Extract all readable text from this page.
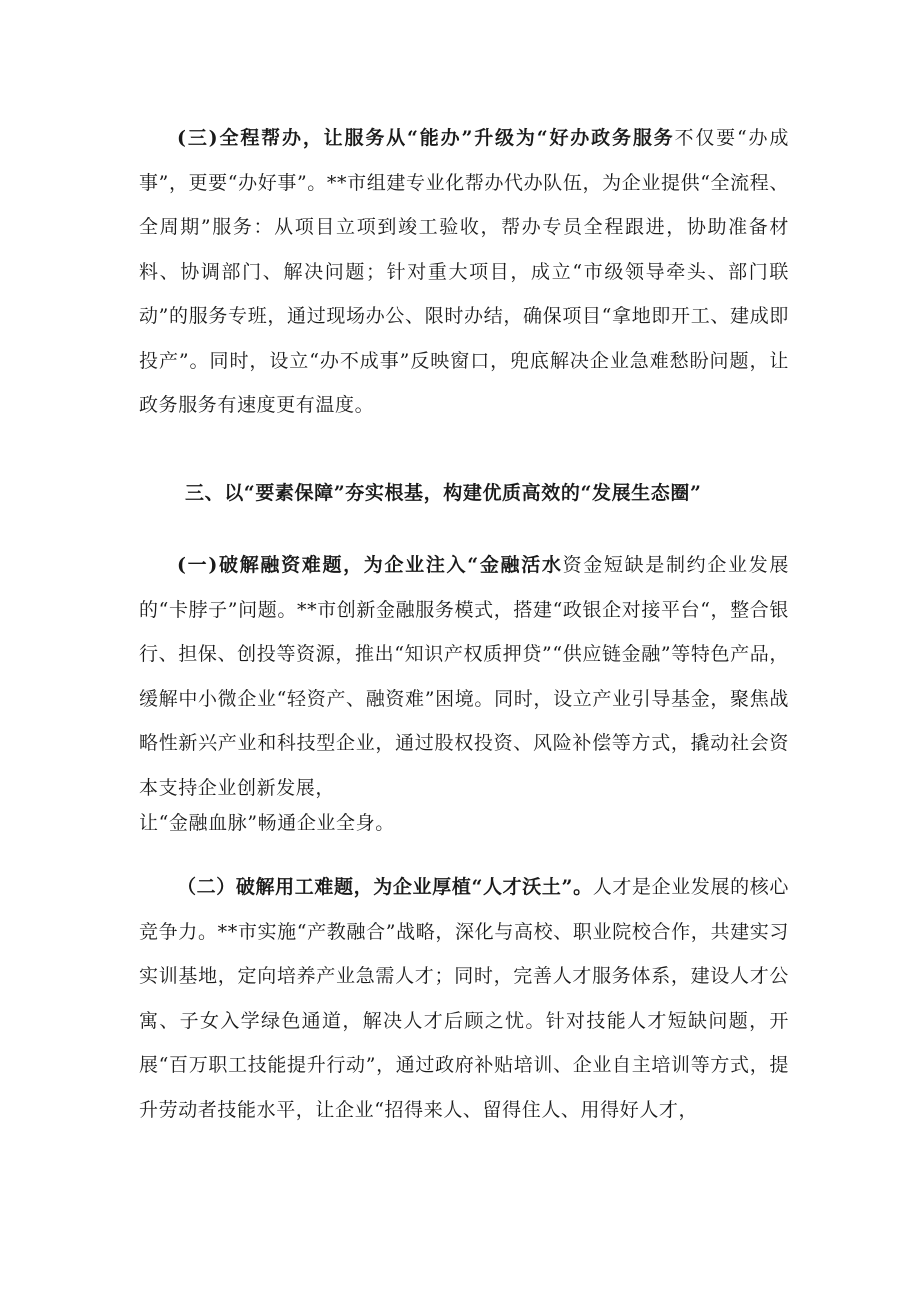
(三)全程帮办，让服务从“能办”升级为“好办政务服务不仅要“办成事”，更要“办好事”。**市组建专业化帮办代办队伍，为企业提供“全流程、全周期”服务：从项目立项到竣工验收，帮办专员全程跟进，协助准备材料、协调部门、解决问题；针对重大项目，成立“市级领导牵头、部门联动”的服务专班，通过现场办公、限时办结，确保项目“拿地即开工、建成即投产”。同时，设立“办不成事”反映窗口，兜底解决企业急难愁盼问题，让政务服务有速度更有温度。

三、以“要素保障”夯实根基，构建优质高效的“发展生态圈”

(一)破解融资难题，为企业注入“金融活水资金短缺是制约企业发展的“卡脖子”问题。**市创新金融服务模式，搭建“政银企对接平台“，整合银行、担保、创投等资源，推出“知识产权质押贷”“供应链金融”等特色产品，缓解中小微企业“轻资产、融资难”困境。同时，设立产业引导基金，聚焦战略性新兴产业和科技型企业，通过股权投资、风险补偿等方式，撬动社会资本支持企业创新发展，

让“金融血脉”畅通企业全身。

（二）破解用工难题，为企业厚植“人才沃土”。人才是企业发展的核心竞争力。**市实施“产教融合”战略，深化与高校、职业院校合作，共建实习实训基地，定向培养产业急需人才；同时，完善人才服务体系，建设人才公寓、子女入学绿色通道，解决人才后顾之忧。针对技能人才短缺问题，开展“百万职工技能提升行动”，通过政府补贴培训、企业自主培训等方式，提升劳动者技能水平，让企业“招得来人、留得住人、用得好人才，
